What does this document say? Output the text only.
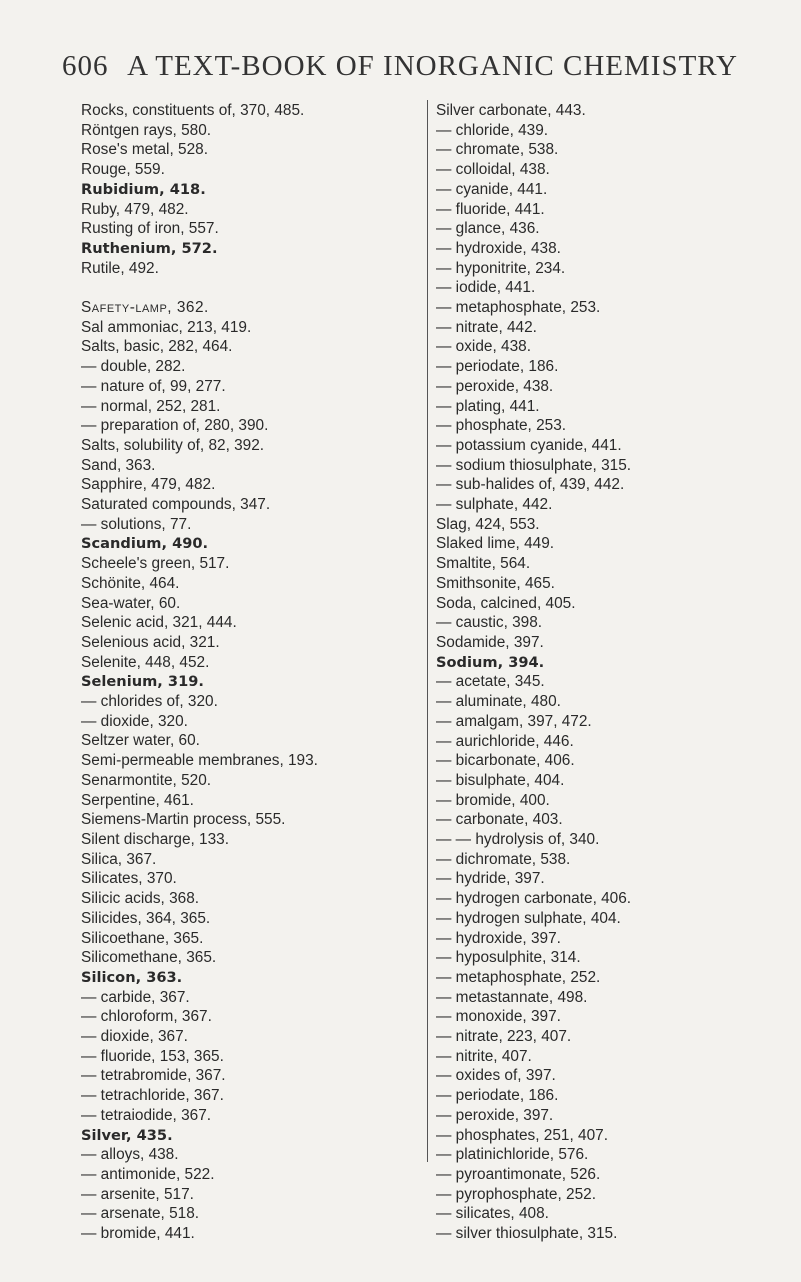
606 A TEXT-BOOK OF INORGANIC CHEMISTRY
Rocks, constituents of, 370, 485.
Röntgen rays, 580.
Rose's metal, 528.
Rouge, 559.
Rubidium, 418.
Ruby, 479, 482.
Rusting of iron, 557.
Ruthenium, 572.
Rutile, 492.
Safety-lamp, 362.
Sal ammoniac, 213, 419.
Salts, basic, 282, 464.
— double, 282.
— nature of, 99, 277.
— normal, 252, 281.
— preparation of, 280, 390.
Salts, solubility of, 82, 392.
Sand, 363.
Sapphire, 479, 482.
Saturated compounds, 347.
— solutions, 77.
Scandium, 490.
Scheele's green, 517.
Schönite, 464.
Sea-water, 60.
Selenic acid, 321, 444.
Selenious acid, 321.
Selenite, 448, 452.
Selenium, 319.
— chlorides of, 320.
— dioxide, 320.
Seltzer water, 60.
Semi-permeable membranes, 193.
Senarmontite, 520.
Serpentine, 461.
Siemens-Martin process, 555.
Silent discharge, 133.
Silica, 367.
Silicates, 370.
Silicic acids, 368.
Silicides, 364, 365.
Silicoethane, 365.
Silicomethane, 365.
Silicon, 363.
— carbide, 367.
— chloroform, 367.
— dioxide, 367.
— fluoride, 153, 365.
— tetrabromide, 367.
— tetrachloride, 367.
— tetraiodide, 367.
Silver, 435.
— alloys, 438.
— antimonide, 522.
— arsenite, 517.
— arsenate, 518.
— bromide, 441.
Silver carbonate, 443.
— chloride, 439.
— chromate, 538.
— colloidal, 438.
— cyanide, 441.
— fluoride, 441.
— glance, 436.
— hydroxide, 438.
— hyponitrite, 234.
— iodide, 441.
— metaphosphate, 253.
— nitrate, 442.
— oxide, 438.
— periodate, 186.
— peroxide, 438.
— plating, 441.
— phosphate, 253.
— potassium cyanide, 441.
— sodium thiosulphate, 315.
— sub-halides of, 439, 442.
— sulphate, 442.
Slag, 424, 553.
Slaked lime, 449.
Smaltite, 564.
Smithsonite, 465.
Soda, calcined, 405.
— caustic, 398.
Sodamide, 397.
Sodium, 394.
— acetate, 345.
— aluminate, 480.
— amalgam, 397, 472.
— aurichloride, 446.
— bicarbonate, 406.
— bisulphate, 404.
— bromide, 400.
— carbonate, 403.
— — hydrolysis of, 340.
— dichromate, 538.
— hydride, 397.
— hydrogen carbonate, 406.
— hydrogen sulphate, 404.
— hydroxide, 397.
— hyposulphite, 314.
— metaphosphate, 252.
— metastannate, 498.
— monoxide, 397.
— nitrate, 223, 407.
— nitrite, 407.
— oxides of, 397.
— periodate, 186.
— peroxide, 397.
— phosphates, 251, 407.
— platinichloride, 576.
— pyroantimonate, 526.
— pyrophosphate, 252.
— silicates, 408.
— silver thiosulphate, 315.
